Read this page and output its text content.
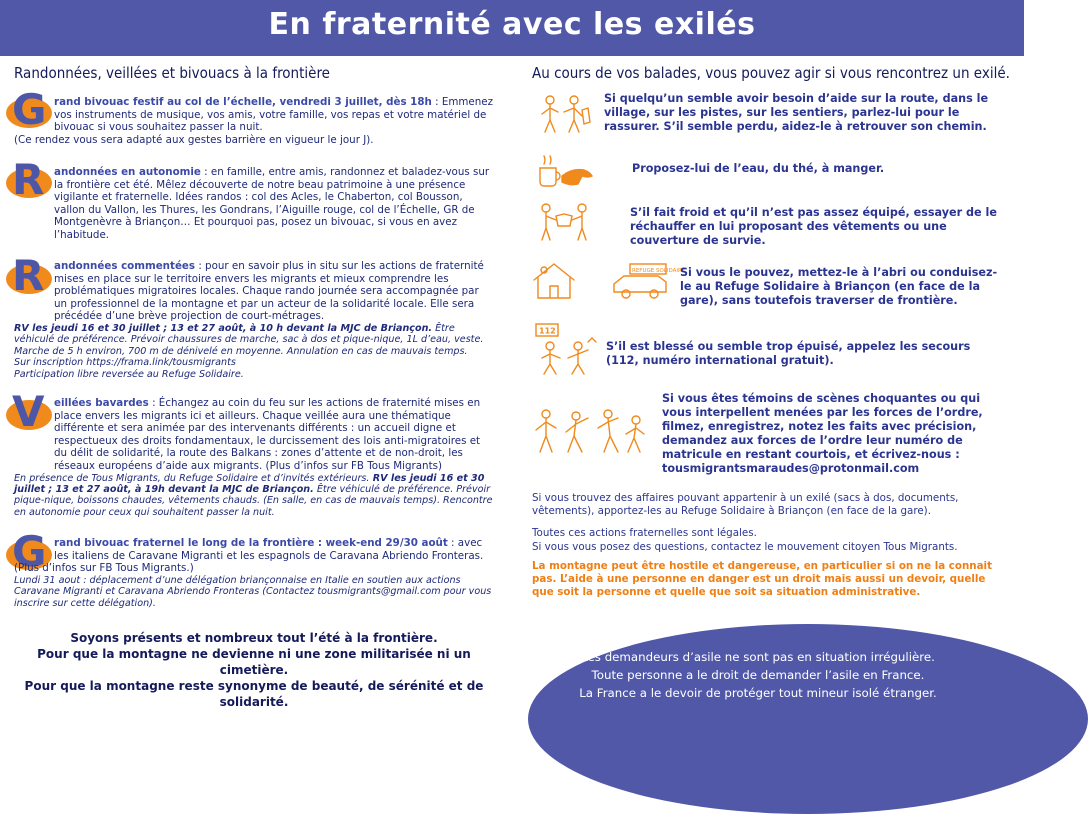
En fraternité avec les exilés
Randonnées, veillées et bivouacs à la frontière
G rand bivouac festif au col de l’échelle, vendredi 3 juillet, dès 18h : Emmenez vos instruments de musique, vos amis, votre famille, vos repas et votre matériel de bivouac si vous souhaitez passer la nuit.
(Ce rendez vous sera adapté aux gestes barrière en vigueur le jour J).
R andonnées en autonomie : en famille, entre amis, randonnez et baladez-vous sur la frontière cet été. Mêlez découverte de notre beau patrimoine à une présence vigilante et fraternelle. Idées randos : col des Acles, le Chaberton, col Bousson, vallon du Vallon, les Thures, les Gondrans, l’Aiguille rouge, col de l’Échelle, GR de Montgenèvre à Briançon… Et pourquoi pas, posez un bivouac, si vous en avez l’habitude.
R andonnées commentées : pour en savoir plus in situ sur les actions de fraternité mises en place sur le territoire envers les migrants et mieux comprendre les problématiques migratoires locales. Chaque rando journée sera accompagnée par un professionnel de la montagne et par un acteur de la solidarité locale. Elle sera précédée d’une brève projection de court-métrages.
RV les jeudi 16 et 30 juillet ; 13 et 27 août, à 10 h devant la MJC de Briançon. Être véhiculé de préférence. Prévoir chaussures de marche, sac à dos et pique-nique, 1L d’eau, veste. Marche de 5 h environ, 700 m de dénivelé en moyenne. Annulation en cas de mauvais temps.
Sur inscription https://frama.link/tousmigrants
Participation libre reversée au Refuge Solidaire.
V eillées bavardes : Échangez au coin du feu sur les actions de fraternité mises en place envers les migrants ici et ailleurs. Chaque veillée aura une thématique différente et sera animée par des intervenants différents : un accueil digne et respectueux des droits fondamentaux, le durcissement des lois anti-migratoires et du délit de solidarité, la route des Balkans : zones d’attente et de non-droit, les réseaux européens d’aide aux migrants. (Plus d’infos sur FB Tous Migrants)
En présence de Tous Migrants, du Refuge Solidaire et d’invités extérieurs. RV les jeudi 16 et 30 juillet ; 13 et 27 août, à 19h devant la MJC de Briançon. Être véhiculé de préférence. Prévoir pique-nique, boissons chaudes, vêtements chauds. (En salle, en cas de mauvais temps). Rencontre en autonomie pour ceux qui souhaitent passer la nuit.
G rand bivouac fraternel le long de la frontière : week-end 29/30 août : avec les italiens de Caravane Migranti et les espagnols de Caravana Abriendo Fronteras.
(Plus d’infos sur FB Tous Migrants.)
Lundi 31 aout : déplacement d’une délégation briançonnaise en Italie en soutien aux actions Caravane Migranti et Caravana Abriendo Fronteras (Contactez tousmigrants@gmail.com pour vous inscrire sur cette délégation).
Soyons présents et nombreux tout l’été à la frontière.
Pour que la montagne ne devienne ni une zone militarisée ni un cimetière.
Pour que la montagne reste synonyme de beauté, de sérénité et de solidarité.
Au cours de vos balades, vous pouvez agir si vous rencontrez un exilé.
Si quelqu’un semble avoir besoin d’aide sur la route, dans le village, sur les pistes, sur les sentiers, parlez-lui pour le rassurer. S’il semble perdu, aidez-le à retrouver son chemin.
Proposez-lui de l’eau, du thé, à manger.
S’il fait froid et qu’il n’est pas assez équipé, essayer de le réchauffer en lui proposant des vêtements ou une couverture de survie.
REFUGE SOLIDAIRE
Si vous le pouvez, mettez-le à l’abri ou conduisez-le au Refuge Solidaire à Briançon (en face de la gare), sans toutefois traverser de frontière.
112
S’il est blessé ou semble trop épuisé, appelez les secours (112, numéro international gratuit).
Si vous êtes témoins de scènes choquantes ou qui vous interpellent menées par les forces de l’ordre, filmez, enregistrez, notez les faits avec précision, demandez aux forces de l’ordre leur numéro de matricule en restant courtois, et écrivez-nous :
tousmigrantsmaraudes@protonmail.com
Si vous trouvez des affaires pouvant appartenir à un exilé (sacs à dos, documents, vêtements), apportez-les au Refuge Solidaire à Briançon (en face de la gare).
Toutes ces actions fraternelles sont légales.
Si vous vous posez des questions, contactez le mouvement citoyen Tous Migrants.
La montagne peut être hostile et dangereuse, en particulier si on ne la connait pas. L’aide à une personne en danger est un droit mais aussi un devoir, quelle que soit la personne et quelle que soit sa situation administrative.
Les demandeurs d’asile ne sont pas en situation irrégulière.
Toute personne a le droit de demander l’asile en France.
La France a le devoir de protéger tout mineur isolé étranger.
